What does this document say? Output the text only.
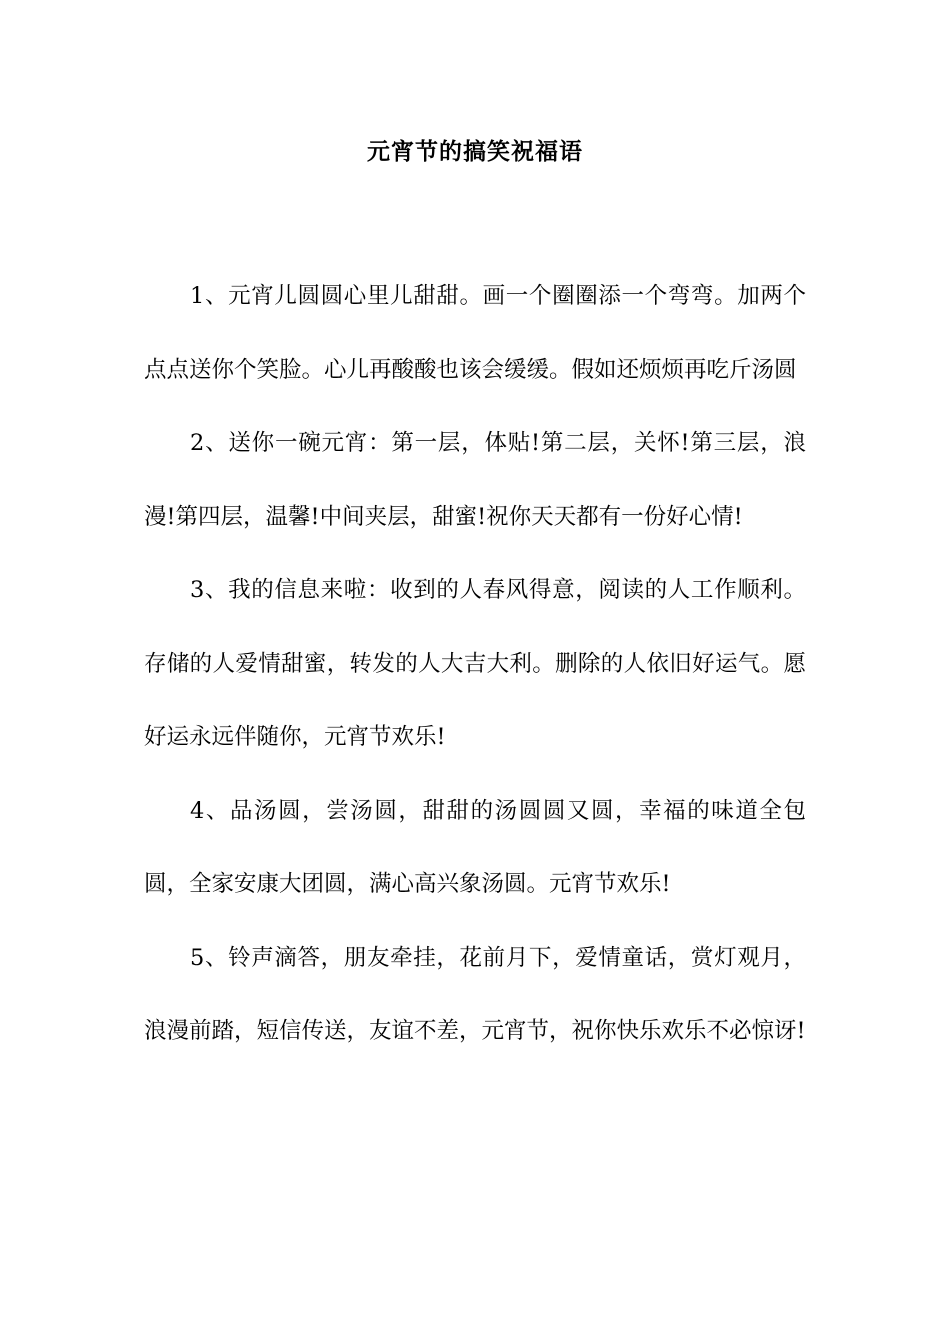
元宵节的搞笑祝福语

1、元宵儿圆圆心里儿甜甜。画一个圈圈添一个弯弯。加两个点点送你个笑脸。心儿再酸酸也该会缓缓。假如还烦烦再吃斤汤圆

2、送你一碗元宵：第一层，体贴!第二层，关怀!第三层，浪漫!第四层，温馨!中间夹层，甜蜜!祝你天天都有一份好心情!

3、我的信息来啦：收到的人春风得意，阅读的人工作顺利。存储的人爱情甜蜜，转发的人大吉大利。删除的人依旧好运气。愿好运永远伴随你，元宵节欢乐!

4、品汤圆，尝汤圆，甜甜的汤圆圆又圆，幸福的味道全包圆，全家安康大团圆，满心高兴象汤圆。元宵节欢乐!

5、铃声滴答，朋友牵挂，花前月下，爱情童话，赏灯观月，浪漫前踏，短信传送，友谊不差，元宵节，祝你快乐欢乐不必惊讶!
